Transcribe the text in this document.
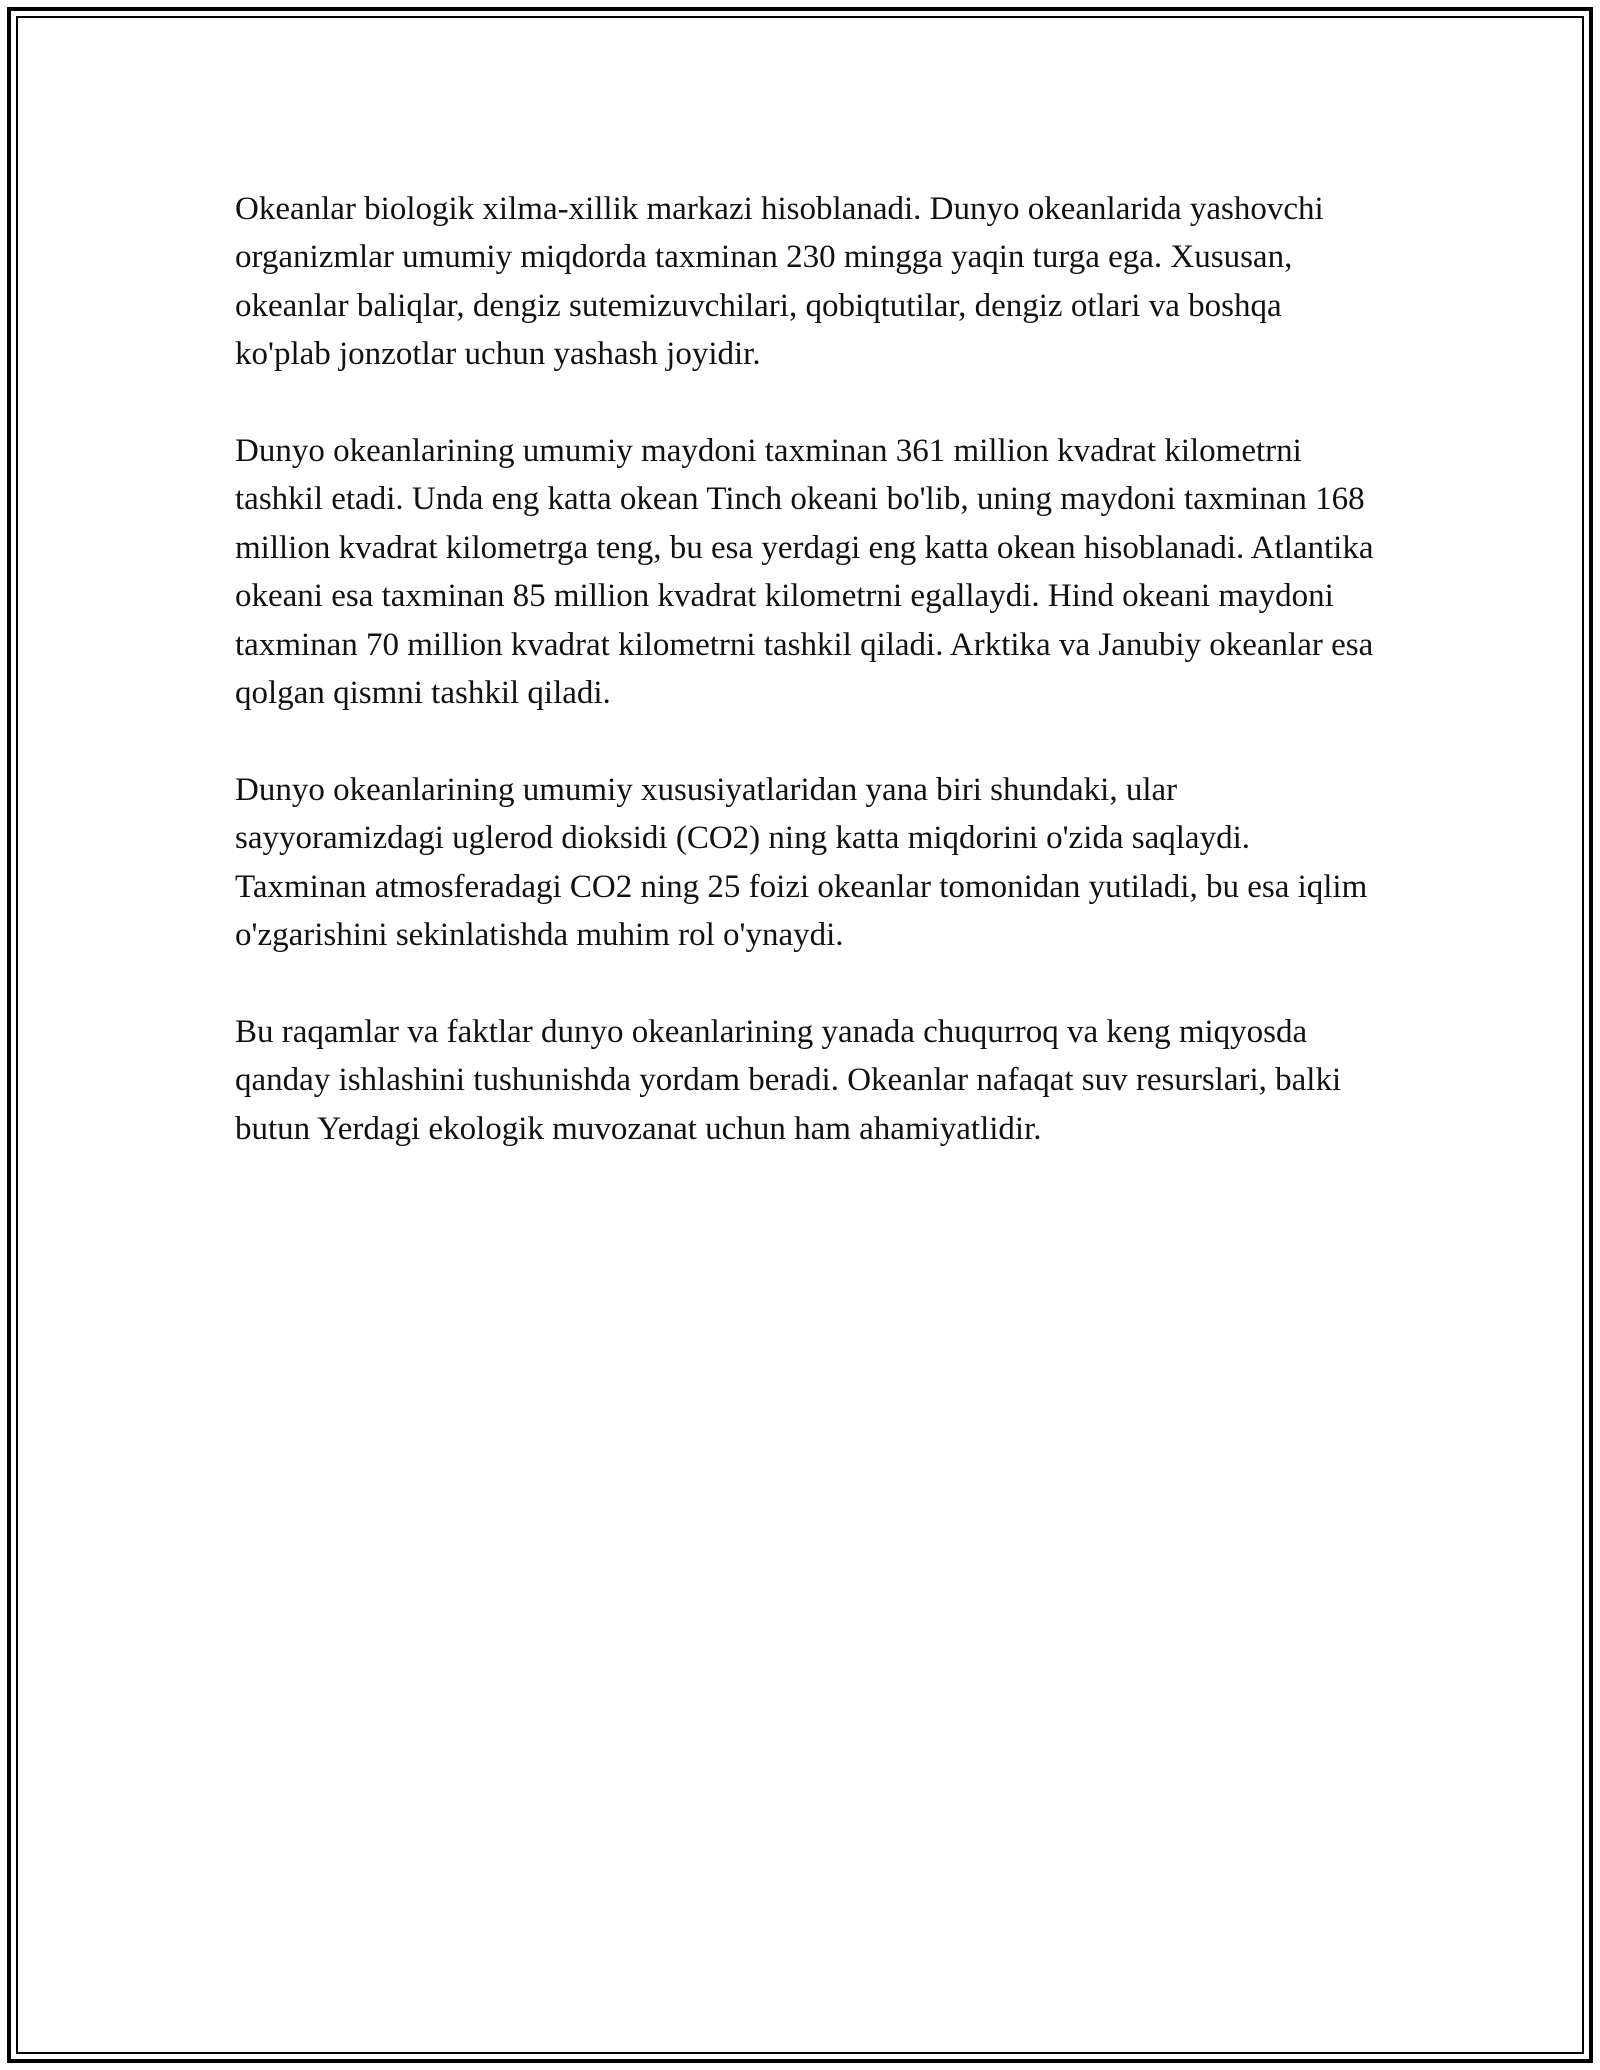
Okeanlar biologik xilma-xillik markazi hisoblanadi. Dunyo okeanlarida yashovchi organizmlar umumiy miqdorda taxminan 230 mingga yaqin turga ega. Xususan, okeanlar baliqlar, dengiz sutemizuvchilari, qobiqtutilar, dengiz otlari va boshqa ko'plab jonzotlar uchun yashash joyidir.

Dunyo okeanlarining umumiy maydoni taxminan 361 million kvadrat kilometrni tashkil etadi. Unda eng katta okean Tinch okeani bo'lib, uning maydoni taxminan 168 million kvadrat kilometrga teng, bu esa yerdagi eng katta okean hisoblanadi. Atlantika okeani esa taxminan 85 million kvadrat kilometrni egallaydi. Hind okeani maydoni taxminan 70 million kvadrat kilometrni tashkil qiladi. Arktika va Janubiy okeanlar esa qolgan qismni tashkil qiladi.

Dunyo okeanlarining umumiy xususiyatlaridan yana biri shundaki, ular sayyoramizdagi uglerod dioksidi (CO2) ning katta miqdorini o'zida saqlaydi. Taxminan atmosferadagi CO2 ning 25 foizi okeanlar tomonidan yutiladi, bu esa iqlim o'zgarishini sekinlatishda muhim rol o'ynaydi.

Bu raqamlar va faktlar dunyo okeanlarining yanada chuqurroq va keng miqyosda qanday ishlashini tushunishda yordam beradi. Okeanlar nafaqat suv resurslari, balki butun Yerdagi ekologik muvozanat uchun ham ahamiyatlidir.
